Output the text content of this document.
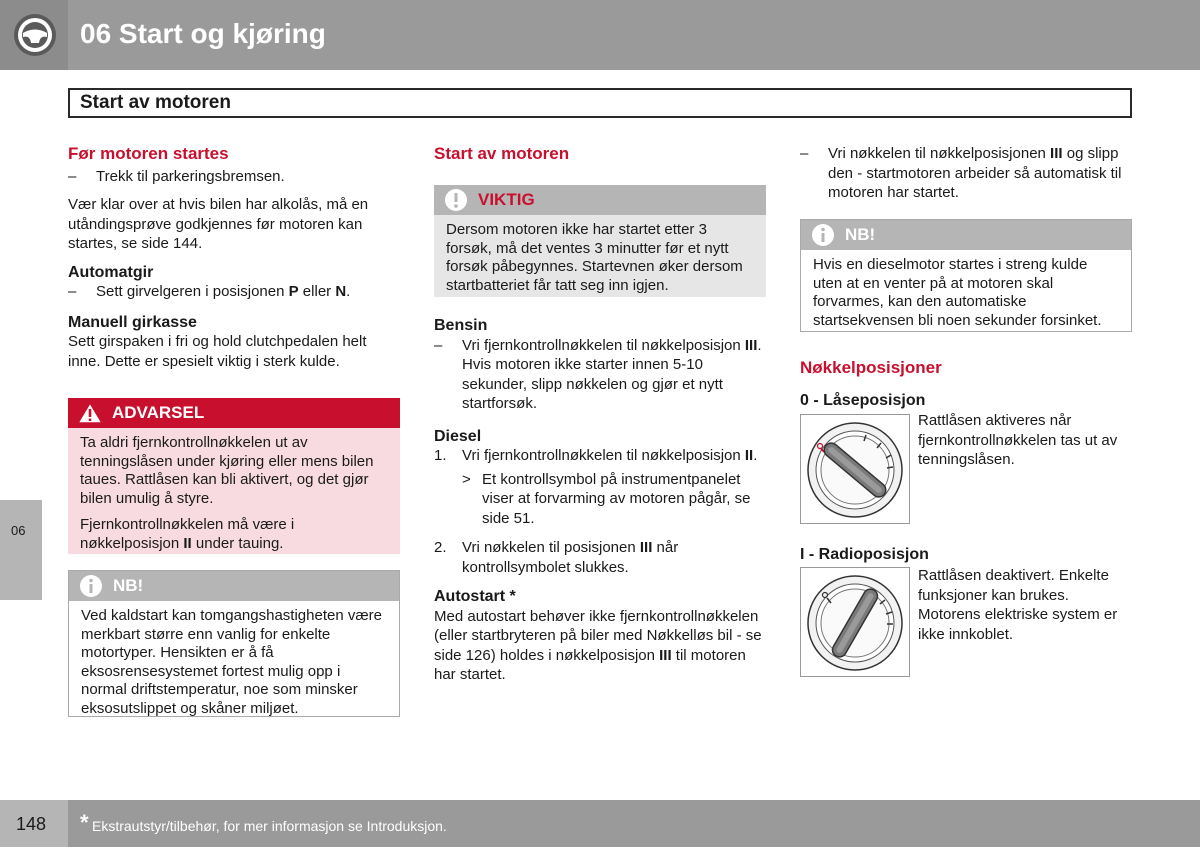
06 Start og kjøring
Start av motoren
06
Før motoren startes
–	Trekk til parkeringsbremsen.

Vær klar over at hvis bilen har alkolås, må en utåndingsprøve godkjennes før motoren kan startes, se side 144.

Automatgir
–	Sett girvelgeren i posisjonen P eller N.
Manuell girkasse

Sett girspaken i fri og hold clutchpedalen helt inne. Dette er spesielt viktig i sterk kulde.

ADVARSEL

Ta aldri fjernkontrollnøkkelen ut av tenningslåsen under kjøring eller mens bilen taues. Rattlåsen kan bli aktivert, og det gjør bilen umulig å styre.

Fjernkontrollnøkkelen må være i nøkkelposisjon II under tauing.

NB!

Ved kaldstart kan tomgangshastigheten være merkbart større enn vanlig for enkelte motortyper. Hensikten er å få eksosrensesystemet fortest mulig opp i normal driftstemperatur, noe som minsker eksosutslippet og skåner miljøet.

Start av motoren
VIKTIG

Dersom motoren ikke har startet etter 3 forsøk, må det ventes 3 minutter før et nytt forsøk påbegynnes. Startevnen øker dersom startbatteriet får tatt seg inn igjen.

Bensin
–	Vri fjernkontrollnøkkelen til nøkkelposisjon III. Hvis motoren ikke starter innen 5-10 sekunder, slipp nøkkelen og gjør et nytt startforsøk.
Diesel
1.	Vri fjernkontrollnøkkelen til nøkkelposisjon II.
> Et kontrollsymbol på instrumentpanelet viser at forvarming av motoren pågår, se side 51.
2.	Vri nøkkelen til posisjonen III når kontrollsymbolet slukkes.
Autostart *

Med autostart behøver ikke fjernkontrollnøkkelen (eller startbryteren på biler med Nøkkelløs bil - se side 126) holdes i nøkkelposisjon III til motoren har startet.

–	Vri nøkkelen til nøkkelposisjonen III og slipp den - startmotoren arbeider så automatisk til motoren har startet.
NB!

Hvis en dieselmotor startes i streng kulde uten at en venter på at motoren skal forvarmes, kan den automatiske startsekvensen bli noen sekunder forsinket.

Nøkkelposisjoner
0 - Låseposisjon
Rattlåsen aktiveres når fjernkontrollnøkkelen tas ut av tenningslåsen.
I - Radioposisjon
Rattlåsen deaktivert. Enkelte funksjoner kan brukes. Motorens elektriske system er ikke innkoblet.
148 * Ekstrautstyr/tilbehør, for mer informasjon se Introduksjon.
